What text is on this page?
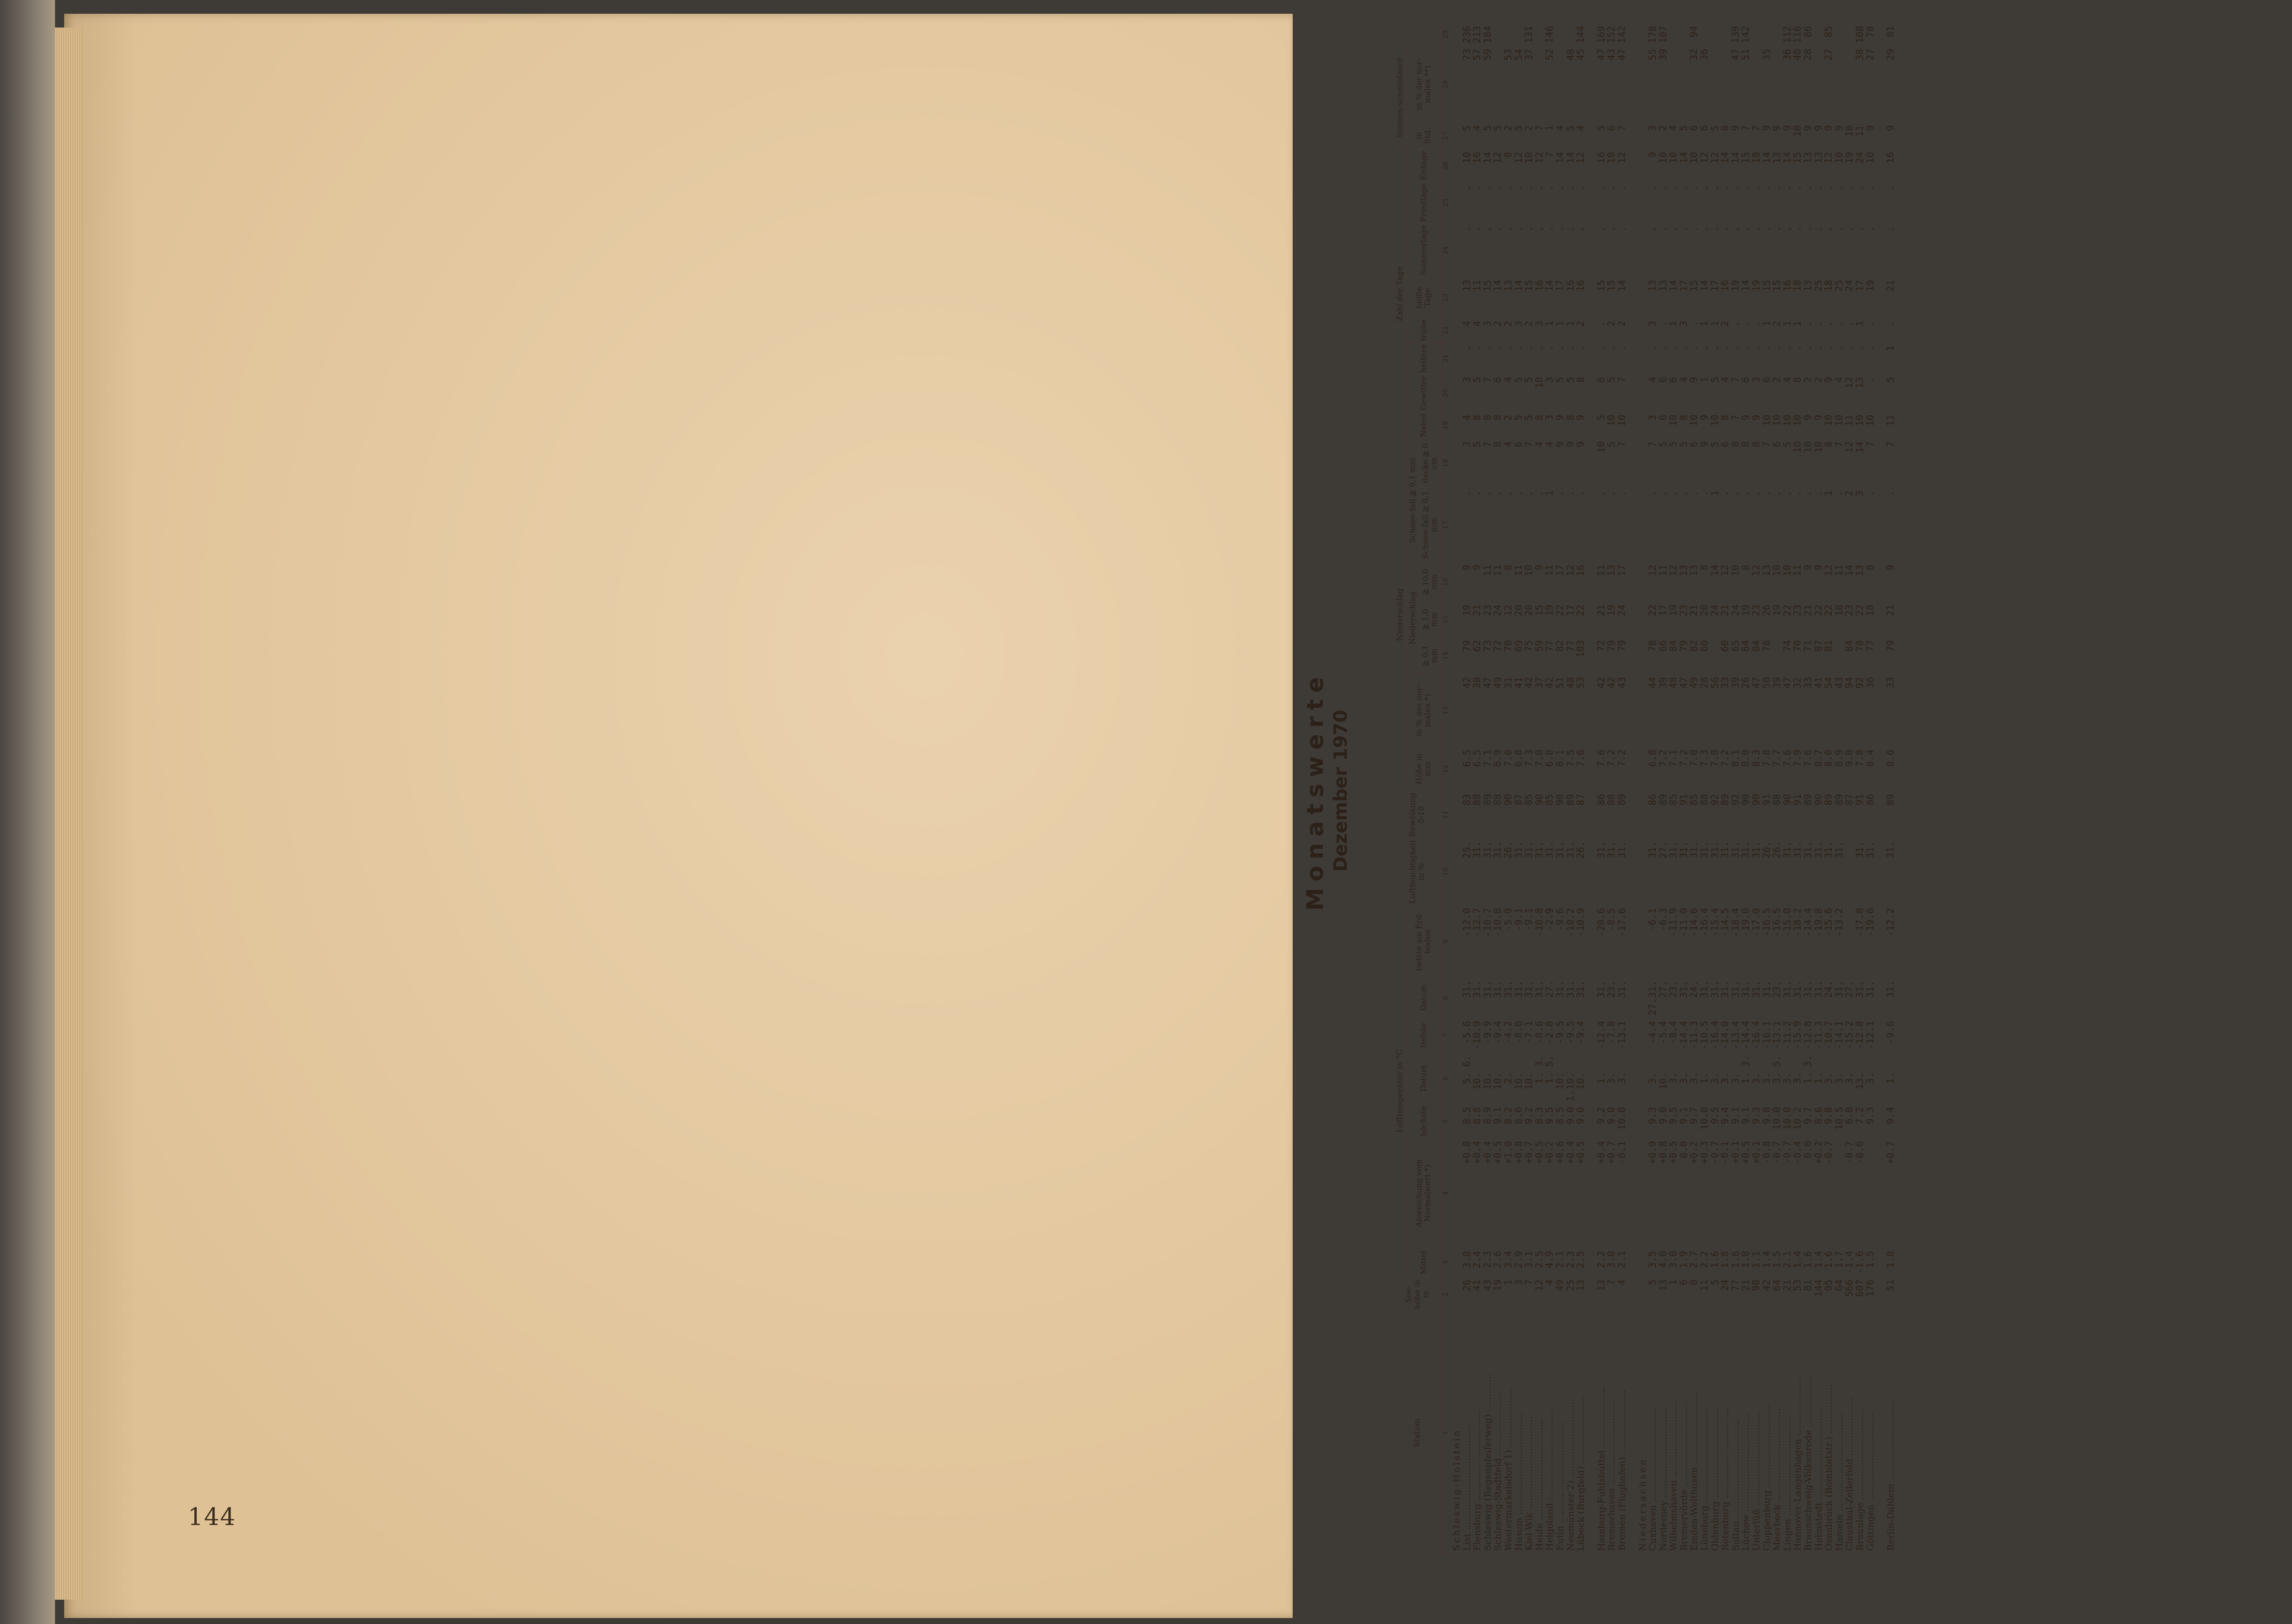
144
Monatswerte Dezember 1970
Station	See-höhe in m	Lufttemperatur in °C								Luftfeuchtigkeit in %	Bewölkung 0-10	Niederschlag							Zahl der Tage								Sonnen-scheindauer		
		Mittel	Abweichung vom Normalwert *)	höchste	Datum		tiefste	Datum	tiefste am Erd-boden			Höhe in mm	in % des nor-malen *)	Niederschlag			Schnee-fall ≧ 0,1 mm		Nebel	Gewitter	heitere	trübe	heiße Tage	Sommertage	Frosttage	Eistage	in Std.	in % der nor-malen **)	
														≧ 0,1 mm	≧ 1,0 mm	≧ 10,0 mm	Schnee-fall ≧ 0,1 mm	decke ≧ 0 cm											
1	2	3	4	5	6		7	8	9	10	11	12	13	14	15	16	17	18	19	20	21	22	23	24	25	26	27	28	29
Schleswig-Holstein																													
List ....................................	26	3.8	+0.8	8.5	5.	6.	-5.6	31.	-12.0	25.	83	6.5	42	79	19	9	.	3	4	3	.	4	13	.	.	10	5	73	236
Flensburg ...............................	41	2.4	+0.4	8.8	10.		-10.9	31.	-12.7	31.	88	6.5	38	62	21	9	.	5	8	5	.	4	11	.	.	16	4	57	213
Schleswig (Regenpfeiferweg) .............	43	2.3	+0.4	8.9	10.		-9.9	31.	-10.7	31.	89	7.1	47	73	23	11	.	7	8	7	.	3	15	.	.	14	5	59	184
Schleswig-Stadtfeld .....................	19	2.6	+0.5	9.1	10.		-9.4	31.	-10.8	31.	88	6.9	49	72	24	11	.	8	8	6	.	2	14	.	.	12	5		
Westermarkelsdorf 1) ....................	1	3.4	+1.0	8.2	2.		-4.2	31.	-5.0	26.	90	7.0	31	70	12	8	.	4	2	4	.	2	13	.	.	8	2	53	
Husum ...................................	3	2.9	+0.8	8.6	10.		-8.0	31.	-9.1	31.	87	6.8	41	69	20	11	.	6	5	5	.	3	14	.	.	12	5	54	
Kiel-Wik ................................	7	3.1	+0.7	9.2	10.		-7.1	31.	-9.1	31.	85	7.3	42	75	20	10	.	7	5	5	.	2	15	.	.	10	2	37	131
Heide ...................................	12	2.5	+0.5	8.3	1.	3.	-8.6	31.	-10.8	31.	90	7.0	37	59	15	9	.	4	8	10	.	3	16	.	.	12	7		
Helgoland ...............................	4	4.9	+0.2	9.5	1.	5.	-2.8	27.	-2.9	31.	85	6.8	42	77	19	11	1	4	3	3	.	1	14	.	.	7	1	52	146
Eutin ...................................	49	2.1	+0.6	8.5	10.		-9.5	31.	-9.6	31.	90	8.1	51	82	22	17	.	9	9	5	.	1	17	.	.	14	4		
Neumünster 2) ...........................	25	2.3	+0.4	9.0	1.10.		-9.5	31.	-10.2	31.	89	7.5	48	77	17	12	.	9	8	5	.	1	16	.	.	14	5	48	
Lübeck (Burgfeld) .......................	13	2.5	+0.5	9.0	10.		-9.4	31.	-10.9	26.	87	7.6	53	103	22	16	.	9	9	8	.	2	16	.	.	12	4	45	144

Hamburg-Fuhlsbüttel .....................	13	2.2	+0.4	9.2	1.		-12.4	31.	-20.6	31.	86	7.6	42	72	21	11	.	10	5	6	.	.	15	.	.	16	5	47	169
Bremerhaven .............................	7	3.0	+0.7	9.0	3.		-7.8	23.	-8.5	31.	88	7.2	42	79	19	13	.	5	10	5	.	2	15	.	.	10	6	43	152
Bremen (Flughafen) ......................	4	2.1	-0.1	10.0	3.		-13.1	31.	-17.6	31.	89	7.2	43	79	24	17	.	7	10	7	.	2	14	.	.	12	7	47	142

Niedersachsen																													
Cuxhaven ................................	5	3.5	+0.9	9.3	3.		-4.4	27.31.	-6.1	31.	86	6.8	44	78	22	12	.	7	3	4	.	3	13	.	.	9	3	55	178
Norderney ...............................	13	4.0	+0.8	9.0	10.		-5.4	27.	-6.3	27.	89	7.2	39	66	17	11	.	5	6	6	.	.	13	.	.	10	2	39	107
Wilhelmshaven ...........................	1	3.0	+0.5	9.5	3.		-8.4	23.	-11.9	31.	85	7.1	48	84	19	12	.	5	10	6	.	1	14	.	.	10	4		
Bremervörde .............................	6	1.9	0.0	9.1	3.		-14.4	31.	-11.0	31.	91	7.2	47	79	23	13	.	5	8	4	.	3	17	.	.	14	5		
Emden-Wolthusen .........................	0	2.7	+0.2	9.7	3.		-11.3	24.	-14.6	31.	85	7.0	49	82	21	13	.	6	10	9	.	.	15	.	.	10	6	32	94
Lüneburg ................................	11	2.2	+0.3	10.0	1.		-10.5	31.	-16.4	31.	88	7.3	28	60	20	8	.	9	9	1	.	1	14	.	.	12	6	36	
Oldenburg ...............................	5	1.6	-0.7	9.5	3.		-16.4	31.	-15.4	31.	92	7.8	56		24	14	1	5	10	5	.	1	17	.	.	12	5		
Rotenburg ...............................	24	1.8	-0.1	9.4	3.		-14.0	31.	-14.5	31.	89	7.2	33	60	21	12	.	6	8	4	.	2	16	.	.	14	8		
Soltau ..................................	77	1.6	+0.1	9.1	3.		-13.4	31.	-18.4	31.	92	8.1	39	65	24	10	.	8	7	7	.	.	19	.	.	14	9	47	139
Lüchow ..................................	21	1.8	+0.5	9.1	1.	3.	-14.4	31.	-19.0	31.	90	8.0	26	64	19	8	.	8	9	6	.	.	14	.	.	15	7	51	142
Unterlüß ................................	98	1.1	+0.1	9.3	3.		-16.4	31.	-17.0	31.	90	8.3	47	84	23	12	.	8	9	3	.	.	19	.	.	18	7		
Cloppenburg .............................	42	1.4	-0.8	9.8	3.		-16.1	31.	-16.5	26.	91	7.8	50	78	26	13	.	7	10	6	.	1	15	.	.	14	9	35	
Meerbeck ................................	64	1.5	-0.7	10.0	3.	5.	-13.1	23.	-16.5	26.	88	7.7	39		19	10	.	6	10	2	.	2	15	.	.	13	9		
Lingen ..................................	21	2.1	-0.7	10.0	3.		-11.2	31.	-15.0	31.	90	7.6	47	74	22	10	.	5	10	4	.	1	16	.	.	14	9	36	112
Hannover-Langenhagen ....................	53	1.4	-0.4	10.2	3.		-15.9	31.	-18.2	31.	91	7.9	32	70	23	11	.	10	10	8	.	1	18	.	.	15	10	40	116
Braunschweig-Völkenrode .................	81	1.6	0.0	9.7	1.	3.	-12.8	31.	-14.4	31.	89	7.6	33	71	21	9	.	10	9	2	.	.	13	.	.	13	9	28	86
Helmstedt ...............................	144	1.4	+0.2	8.6	1.		-11.3	31.	-19.8	31.	90	8.7	41	87	22	9	.	10	9	2	.	.	25	.	.	13	9		
Osnabrück (Bomblatstr.) .................	95	1.6	-0.7	9.8	3.		-10.7	24.	-15.6	31.	89	8.0	54	81	22	12	1	8	10	9	.	.	18	.	.	12	9	27	85
Hameln ..................................	64	1.7		10.5	3.		-14.1	31.	-13.2	31.	89	8.9	43		18	11	.	7	10	4	.	.	25	.	.	10	9		
Clausthal-Zellerfeld ....................	566	-1.4	-0.7	6.0	3.		-15.2	27.			87	9.0	94	84	23	14	2	12	11	12	.	.	24	.	.	19	10		
Braunlage ...............................	607	-1.6	-0.6	7.2	13.		-12.8	31.	-17.8	31.	91	7.8	92	78	22	13	3	14	10	13	.	1	17	.	.	24	11	38	108
Göttingen ...............................	176	1.5		9.3	3.		-12.1	31.	-19.6	31.	86	8.4	36	77	18	8	.	7	10	.	.	.	19	.	.	10	9	27	78

Berlin-Dahlem ...........................	51	1.8	+0.7	9.4	1.		-9.6	31.	-12.2	31.	89	8.6	33	79	21	9	.	7	11	5	1	.	21	.	.	16	9	29	81
